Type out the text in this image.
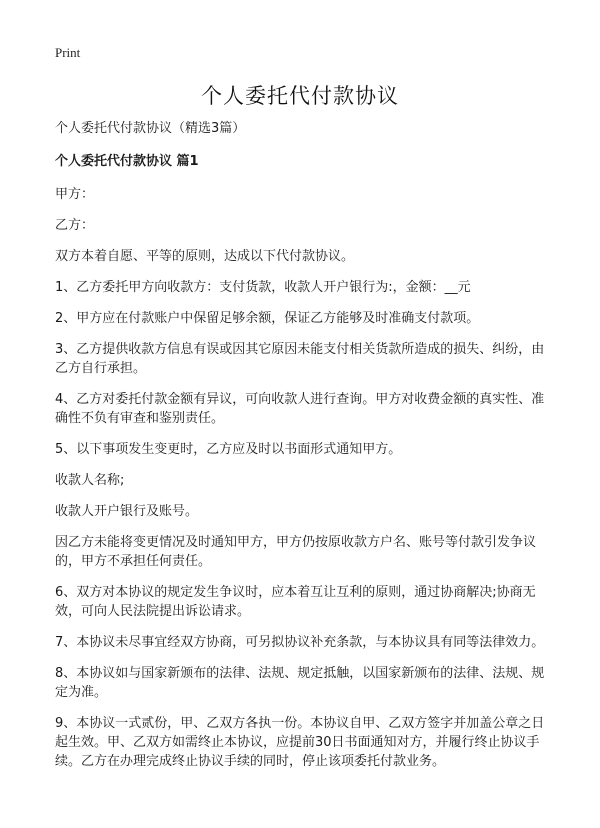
Print
个人委托代付款协议

个人委托代付款协议（精选3篇）

个人委托代付款协议 篇1

甲方：

乙方：

双方本着自愿、平等的原则，达成以下代付款协议。

1、乙方委托甲方向收款方：支付货款，收款人开户银行为:，金额：__元

2、甲方应在付款账户中保留足够余额，保证乙方能够及时准确支付款项。

3、乙方提供收款方信息有误或因其它原因未能支付相关货款所造成的损失、纠纷，由乙方自行承担。

4、乙方对委托付款金额有异议，可向收款人进行查询。甲方对收费金额的真实性、准确性不负有审查和鉴别责任。

5、以下事项发生变更时，乙方应及时以书面形式通知甲方。

收款人名称;

收款人开户银行及账号。

因乙方未能将变更情况及时通知甲方，甲方仍按原收款方户名、账号等付款引发争议的，甲方不承担任何责任。

6、双方对本协议的规定发生争议时，应本着互让互利的原则，通过协商解决;协商无效，可向人民法院提出诉讼请求。

7、本协议未尽事宜经双方协商，可另拟协议补充条款，与本协议具有同等法律效力。

8、本协议如与国家新颁布的法律、法规、规定抵触，以国家新颁布的法律、法规、规定为准。

9、本协议一式贰份，甲、乙双方各执一份。本协议自甲、乙双方签字并加盖公章之日起生效。甲、乙双方如需终止本协议，应提前30日书面通知对方，并履行终止协议手续。乙方在办理完成终止协议手续的同时，停止该项委托付款业务。
